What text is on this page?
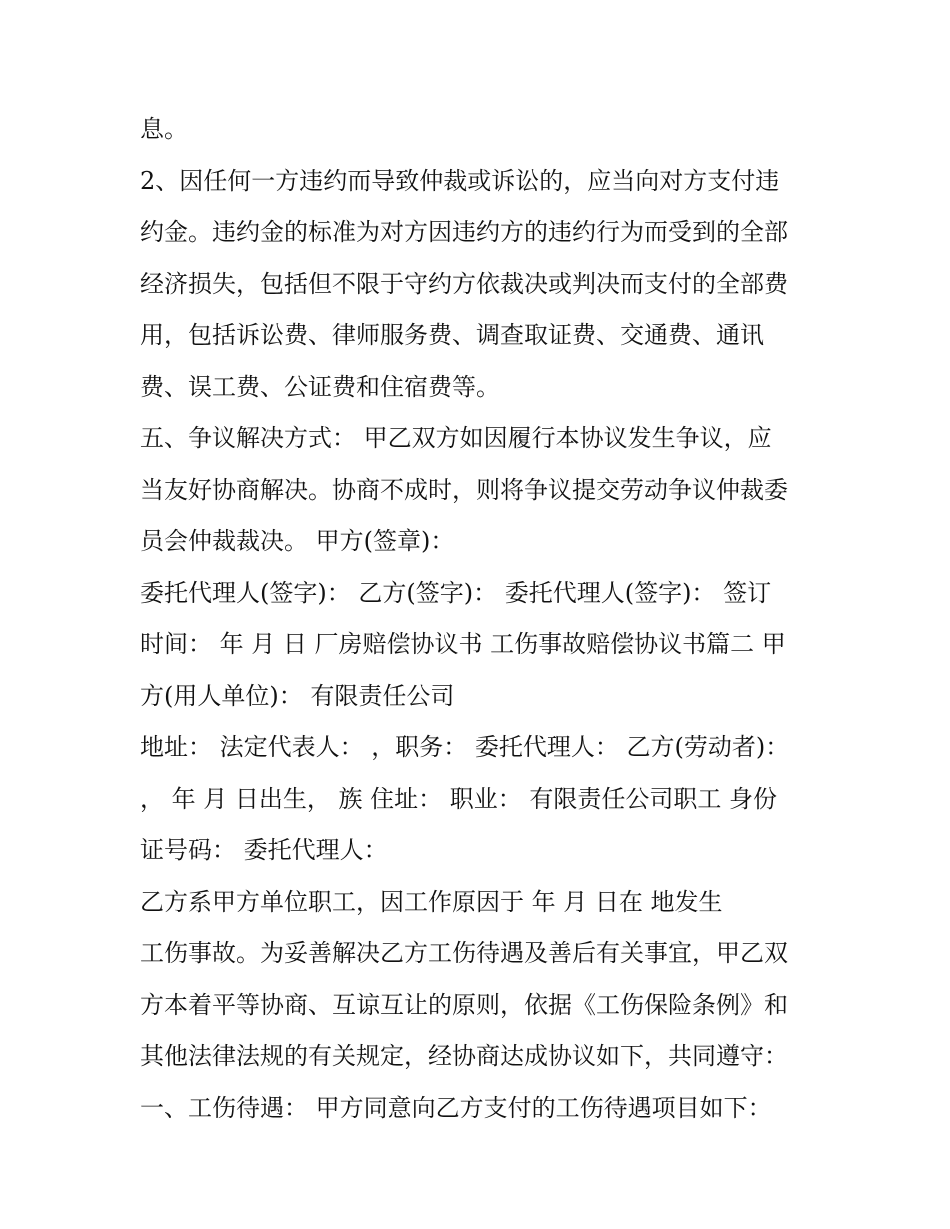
息。
2、因任何一方违约而导致仲裁或诉讼的，应当向对方支付违
约金。违约金的标准为对方因违约方的违约行为而受到的全部
经济损失，包括但不限于守约方依裁决或判决而支付的全部费
用，包括诉讼费、律师服务费、调查取证费、交通费、通讯
费、误工费、公证费和住宿费等。
五、争议解决方式： 甲乙双方如因履行本协议发生争议，应
当友好协商解决。协商不成时，则将争议提交劳动争议仲裁委
员会仲裁裁决。 甲方(签章)：
委托代理人(签字)： 乙方(签字)： 委托代理人(签字)： 签订
时间： 年 月 日 厂房赔偿协议书 工伤事故赔偿协议书篇二 甲
方(用人单位)： 有限责任公司
地址： 法定代表人： ，职务： 委托代理人： 乙方(劳动者)：
， 年 月 日出生， 族 住址： 职业： 有限责任公司职工 身份
证号码： 委托代理人：
乙方系甲方单位职工，因工作原因于 年 月 日在 地发生
工伤事故。为妥善解决乙方工伤待遇及善后有关事宜，甲乙双
方本着平等协商、互谅互让的原则，依据《工伤保险条例》和
其他法律法规的有关规定，经协商达成协议如下，共同遵守：
一、工伤待遇： 甲方同意向乙方支付的工伤待遇项目如下：
